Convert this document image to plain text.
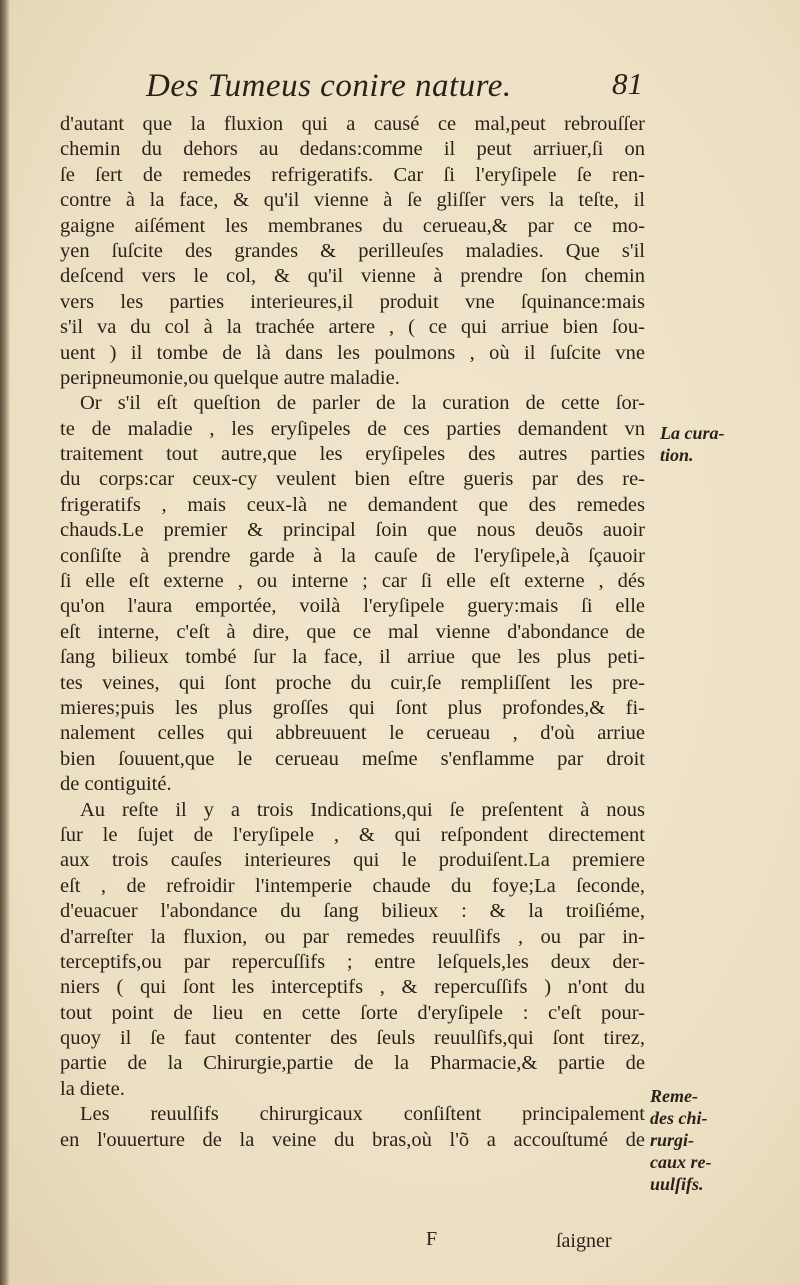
Des Tumeus conire nature.	81
d'autant que la fluxion qui a causé ce mal,peut rebrouſſer
chemin du dehors au dedans:comme il peut arriuer,ſi on
ſe ſert de remedes refrigeratifs. Car ſi l'eryſipele ſe ren-
contre à la face, & qu'il vienne à ſe gliſſer vers la teſte, il
gaigne aiſément les membranes du cerueau,& par ce mo-
yen ſuſcite des grandes & perilleuſes maladies. Que s'il
deſcend vers le col, & qu'il vienne à prendre ſon chemin
vers les parties interieures,il produit vne ſquinance:mais
s'il va du col à la trachée artere , ( ce qui arriue bien ſou-
uent ) il tombe de là dans les poulmons , où il ſuſcite vne
peripneumonie,ou quelque autre maladie.
Or s'il eſt queſtion de parler de la curation de cette ſor-
te de maladie , les eryſipeles de ces parties demandent vn
traitement tout autre,que les eryſipeles des autres parties
du corps:car ceux-cy veulent bien eſtre gueris par des re-
frigeratifs , mais ceux-là ne demandent que des remedes
chauds.Le premier & principal ſoin que nous deuõs auoir
conſiſte à prendre garde à la cauſe de l'eryſipele,à ſçauoir
ſi elle eſt externe , ou interne ; car ſi elle eſt externe , dés
qu'on l'aura emportée, voilà l'eryſipele guery:mais ſi elle
eſt interne, c'eſt à dire, que ce mal vienne d'abondance de
ſang bilieux tombé ſur la face, il arriue que les plus peti-
tes veines, qui ſont proche du cuir,ſe rempliſſent les pre-
mieres;puis les plus groſſes qui ſont plus profondes,& fi-
nalement celles qui abbreuuent le cerueau , d'où arriue
bien ſouuent,que le cerueau meſme s'enflamme par droit
de contiguité.
Au reſte il y a trois Indications,qui ſe preſentent à nous
ſur le ſujet de l'eryſipele , & qui reſpondent directement
aux trois cauſes interieures qui le produiſent.La premiere
eſt , de refroidir l'intemperie chaude du foye;La ſeconde,
d'euacuer l'abondance du ſang bilieux : & la troiſiéme,
d'arreſter la fluxion, ou par remedes reuulſifs , ou par in-
terceptifs,ou par repercuſſifs ; entre leſquels,les deux der-
niers ( qui ſont les interceptifs , & repercuſſifs ) n'ont du
tout point de lieu en cette ſorte d'eryſipele : c'eſt pour-
quoy il ſe faut contenter des ſeuls reuulſifs,qui ſont tirez,
partie de la Chirurgie,partie de la Pharmacie,& partie de
la diete.
Les reuulſifs chirurgicaux conſiſtent principalement
en l'ouuerture de la veine du bras,où l'õ a accouſtumé de
La cura-
tion.
Reme-
des chi-
rurgi-
caux re-
uulſifs.
F	ſaigner
